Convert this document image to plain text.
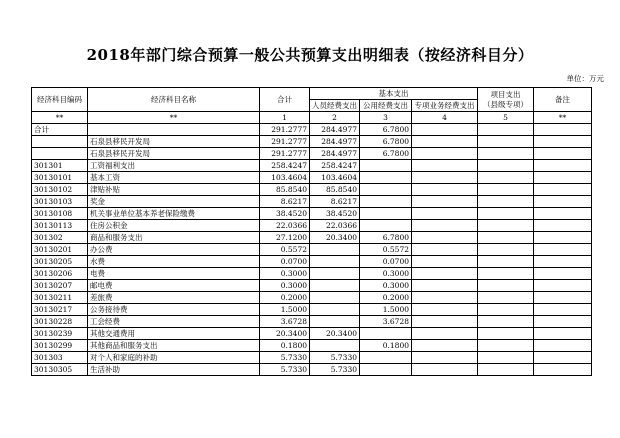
2018年部门综合预算一般公共预算支出明细表（按经济科目分）
单位：万元
经济科目编码	经济科目名称	合计	基本支出			项目支出
（县级专项）	备注
			人员经费支出	公用经费支出	专项业务经费支出		
**	**	1	2	3	4	5	**
合计		291.2777	284.4977	6.7800			
	石泉县移民开发局	291.2777	284.4977	6.7800			
	石泉县移民开发局	291.2777	284.4977	6.7800			
301301	工资福利支出	258.4247	258.4247				
30130101	基本工资	103.4604	103.4604				
30130102	津贴补贴	85.8540	85.8540				
30130103	奖金	8.6217	8.6217				
30130108	机关事业单位基本养老保险缴费	38.4520	38.4520				
30130113	住房公积金	22.0366	22.0366				
301302	商品和服务支出	27.1200	20.3400	6.7800			
30130201	办公费	0.5572		0.5572			
30130205	水费	0.0700		0.0700			
30130206	电费	0.3000		0.3000			
30130207	邮电费	0.3000		0.3000			
30130211	差旅费	0.2000		0.2000			
30130217	公务接待费	1.5000		1.5000			
30130228	工会经费	3.6728		3.6728			
30130239	其他交通费用	20.3400	20.3400				
30130299	其他商品和服务支出	0.1800		0.1800			
301303	对个人和家庭的补助	5.7330	5.7330				
30130305	生活补助	5.7330	5.7330				
